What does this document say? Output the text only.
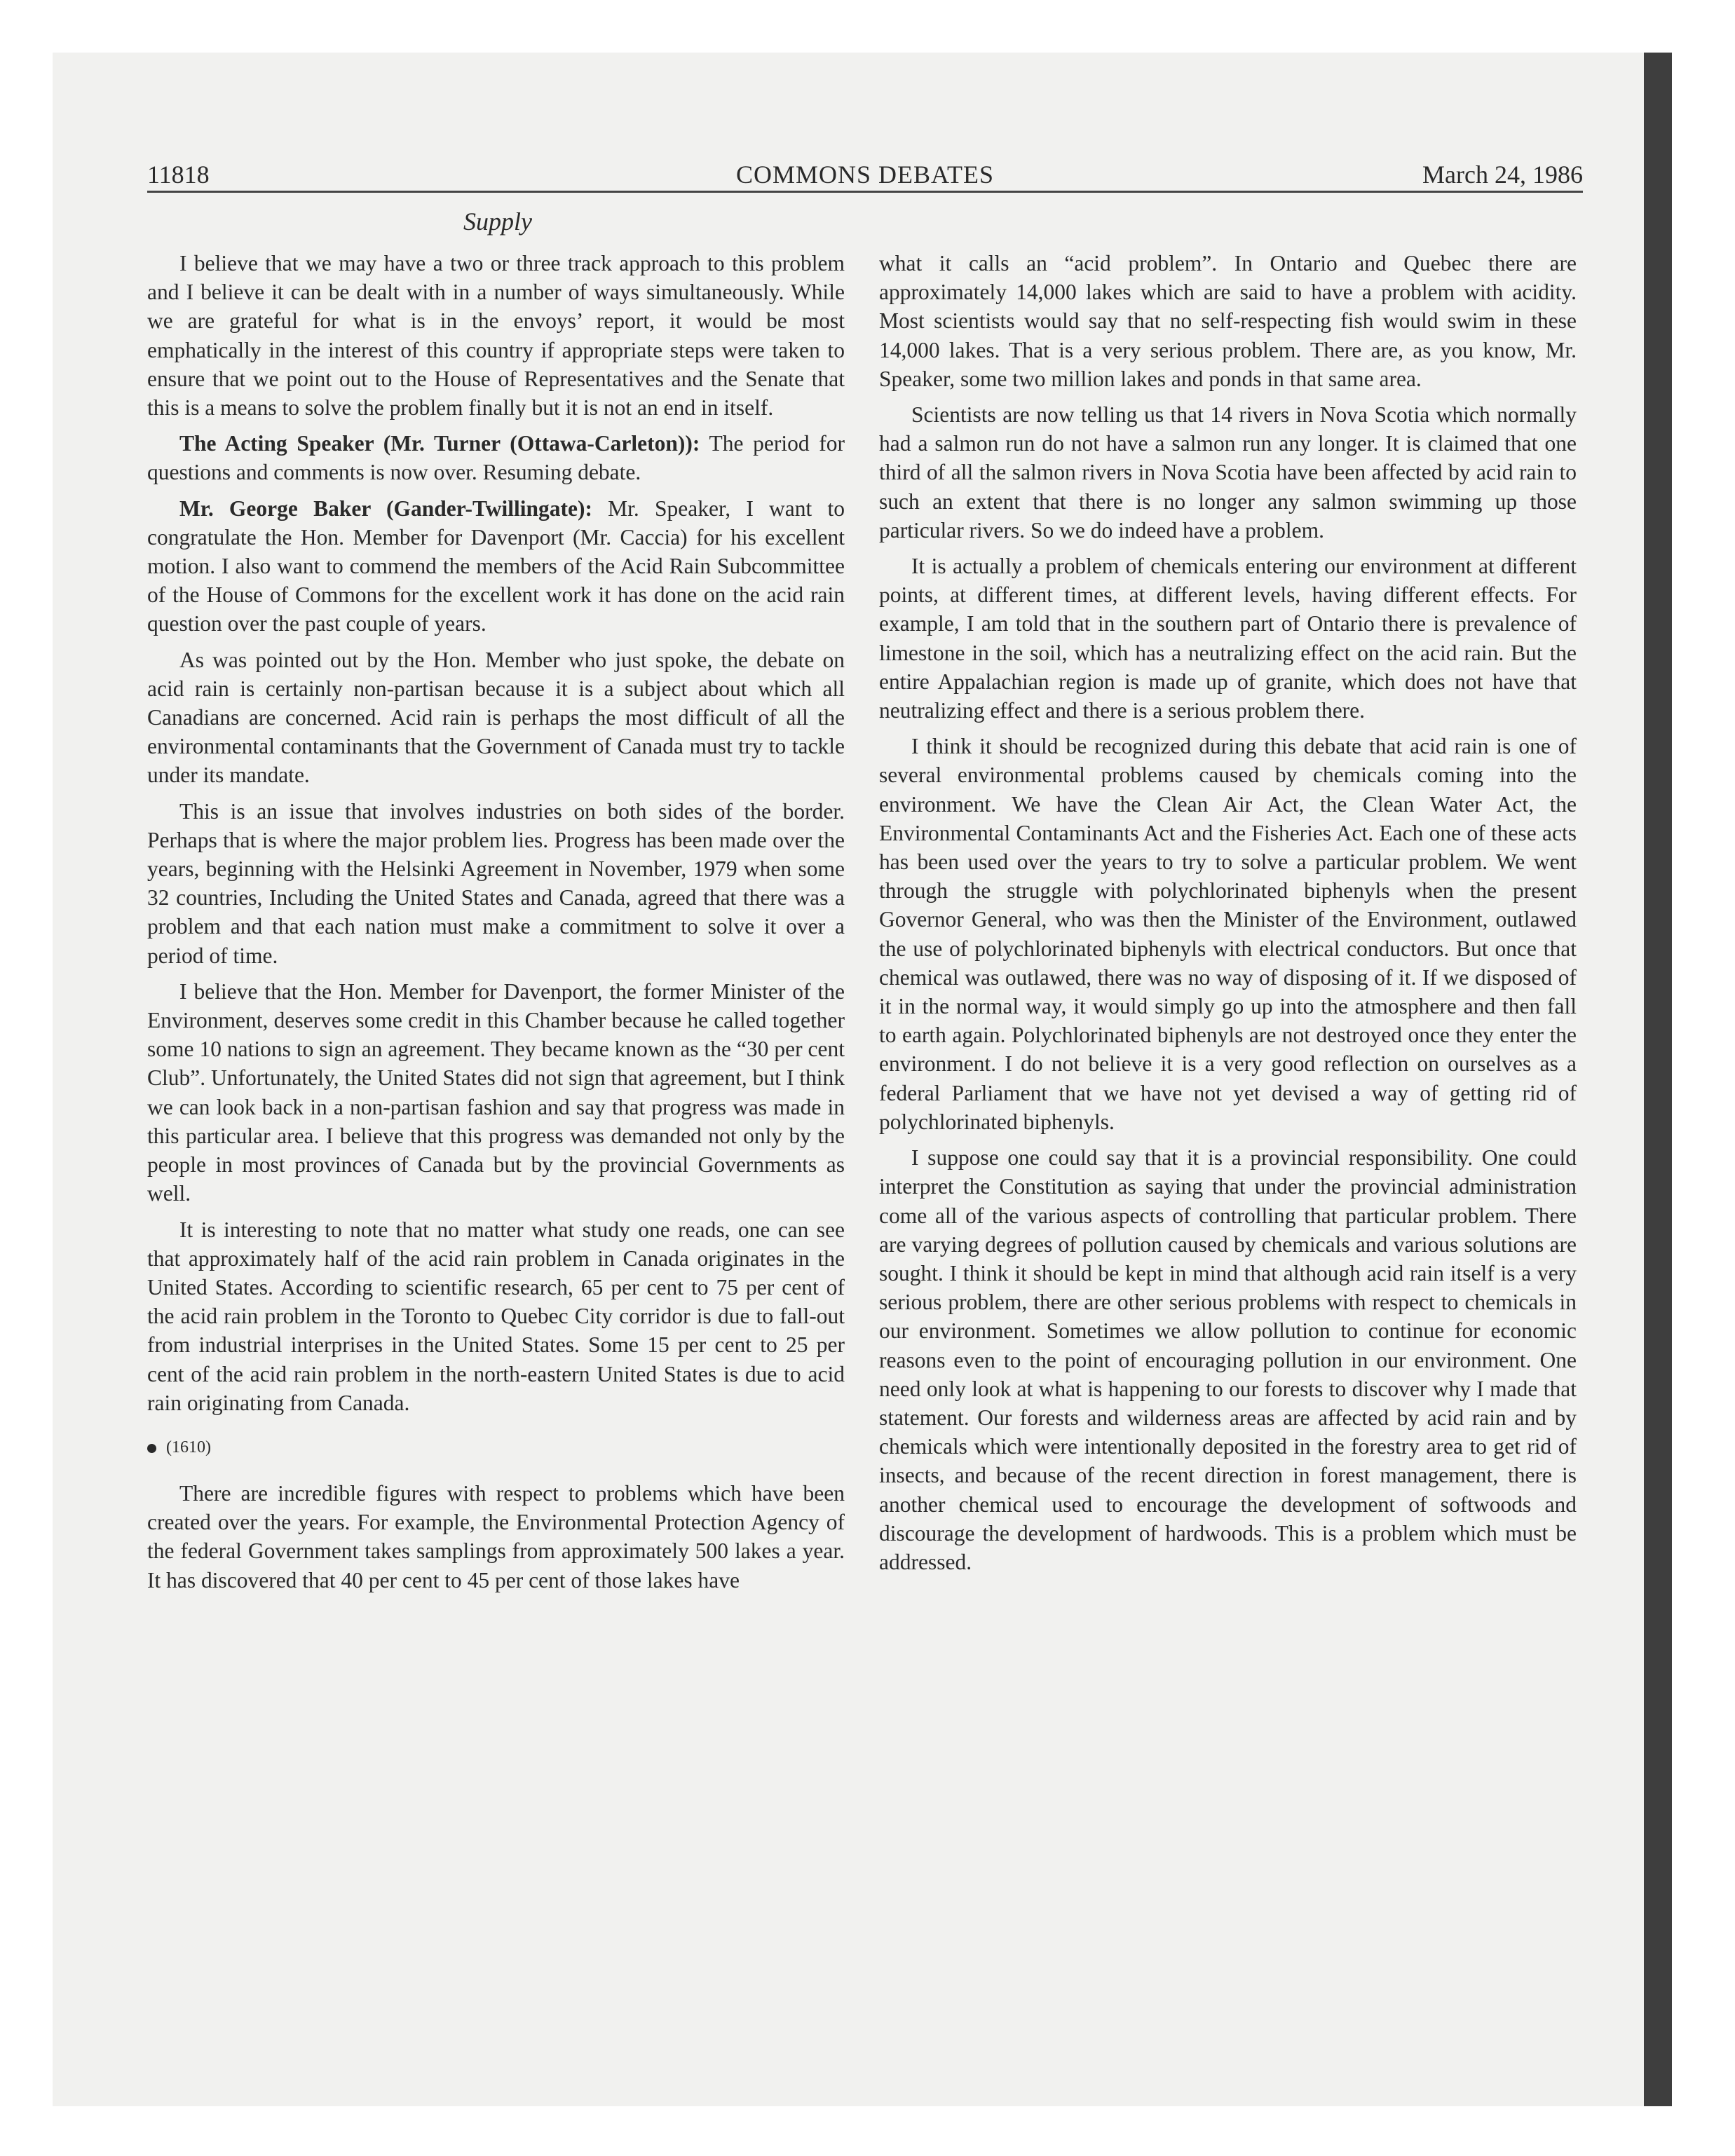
11818	COMMONS DEBATES	March 24, 1986
Supply

I believe that we may have a two or three track approach to this problem and I believe it can be dealt with in a number of ways simultaneously. While we are grateful for what is in the envoys’ report, it would be most emphatically in the interest of this country if appropriate steps were taken to ensure that we point out to the House of Representatives and the Senate that this is a means to solve the problem finally but it is not an end in itself.

The Acting Speaker (Mr. Turner (Ottawa-Carleton)): The period for questions and comments is now over. Resuming debate.

Mr. George Baker (Gander-Twillingate): Mr. Speaker, I want to congratulate the Hon. Member for Davenport (Mr. Caccia) for his excellent motion. I also want to commend the members of the Acid Rain Subcommittee of the House of Commons for the excellent work it has done on the acid rain question over the past couple of years.

As was pointed out by the Hon. Member who just spoke, the debate on acid rain is certainly non-partisan because it is a subject about which all Canadians are concerned. Acid rain is perhaps the most difficult of all the environmental contaminants that the Government of Canada must try to tackle under its mandate.

This is an issue that involves industries on both sides of the border. Perhaps that is where the major problem lies. Progress has been made over the years, beginning with the Helsinki Agreement in November, 1979 when some 32 countries, Including the United States and Canada, agreed that there was a problem and that each nation must make a commitment to solve it over a period of time.

I believe that the Hon. Member for Davenport, the former Minister of the Environment, deserves some credit in this Chamber because he called together some 10 nations to sign an agreement. They became known as the “30 per cent Club”. Unfortunately, the United States did not sign that agreement, but I think we can look back in a non-partisan fashion and say that progress was made in this particular area. I believe that this progress was demanded not only by the people in most provinces of Canada but by the provincial Governments as well.

It is interesting to note that no matter what study one reads, one can see that approximately half of the acid rain problem in Canada originates in the United States. According to scientific research, 65 per cent to 75 per cent of the acid rain problem in the Toronto to Quebec City corridor is due to fall-out from industrial interprises in the United States. Some 15 per cent to 25 per cent of the acid rain problem in the north-eastern United States is due to acid rain originating from Canada.

(1610)

There are incredible figures with respect to problems which have been created over the years. For example, the Environmental Protection Agency of the federal Government takes samplings from approximately 500 lakes a year. It has discovered that 40 per cent to 45 per cent of those lakes have

what it calls an “acid problem”. In Ontario and Quebec there are approximately 14,000 lakes which are said to have a problem with acidity. Most scientists would say that no self-respecting fish would swim in these 14,000 lakes. That is a very serious problem. There are, as you know, Mr. Speaker, some two million lakes and ponds in that same area.

Scientists are now telling us that 14 rivers in Nova Scotia which normally had a salmon run do not have a salmon run any longer. It is claimed that one third of all the salmon rivers in Nova Scotia have been affected by acid rain to such an extent that there is no longer any salmon swimming up those particular rivers. So we do indeed have a problem.

It is actually a problem of chemicals entering our environment at different points, at different times, at different levels, having different effects. For example, I am told that in the southern part of Ontario there is prevalence of limestone in the soil, which has a neutralizing effect on the acid rain. But the entire Appalachian region is made up of granite, which does not have that neutralizing effect and there is a serious problem there.

I think it should be recognized during this debate that acid rain is one of several environmental problems caused by chemicals coming into the environment. We have the Clean Air Act, the Clean Water Act, the Environmental Contaminants Act and the Fisheries Act. Each one of these acts has been used over the years to try to solve a particular problem. We went through the struggle with polychlorinated biphenyls when the present Governor General, who was then the Minister of the Environment, outlawed the use of polychlorinated biphenyls with electrical conductors. But once that chemical was outlawed, there was no way of disposing of it. If we disposed of it in the normal way, it would simply go up into the atmosphere and then fall to earth again. Polychlorinated biphenyls are not destroyed once they enter the environment. I do not believe it is a very good reflection on ourselves as a federal Parliament that we have not yet devised a way of getting rid of polychlorinated biphenyls.

I suppose one could say that it is a provincial responsibility. One could interpret the Constitution as saying that under the provincial administration come all of the various aspects of controlling that particular problem. There are varying degrees of pollution caused by chemicals and various solutions are sought. I think it should be kept in mind that although acid rain itself is a very serious problem, there are other serious problems with respect to chemicals in our environment. Sometimes we allow pollution to continue for economic reasons even to the point of encouraging pollution in our environment. One need only look at what is happening to our forests to discover why I made that statement. Our forests and wilderness areas are affected by acid rain and by chemicals which were intentionally deposited in the forestry area to get rid of insects, and because of the recent direction in forest management, there is another chemical used to encourage the development of softwoods and discourage the development of hardwoods. This is a problem which must be addressed.
